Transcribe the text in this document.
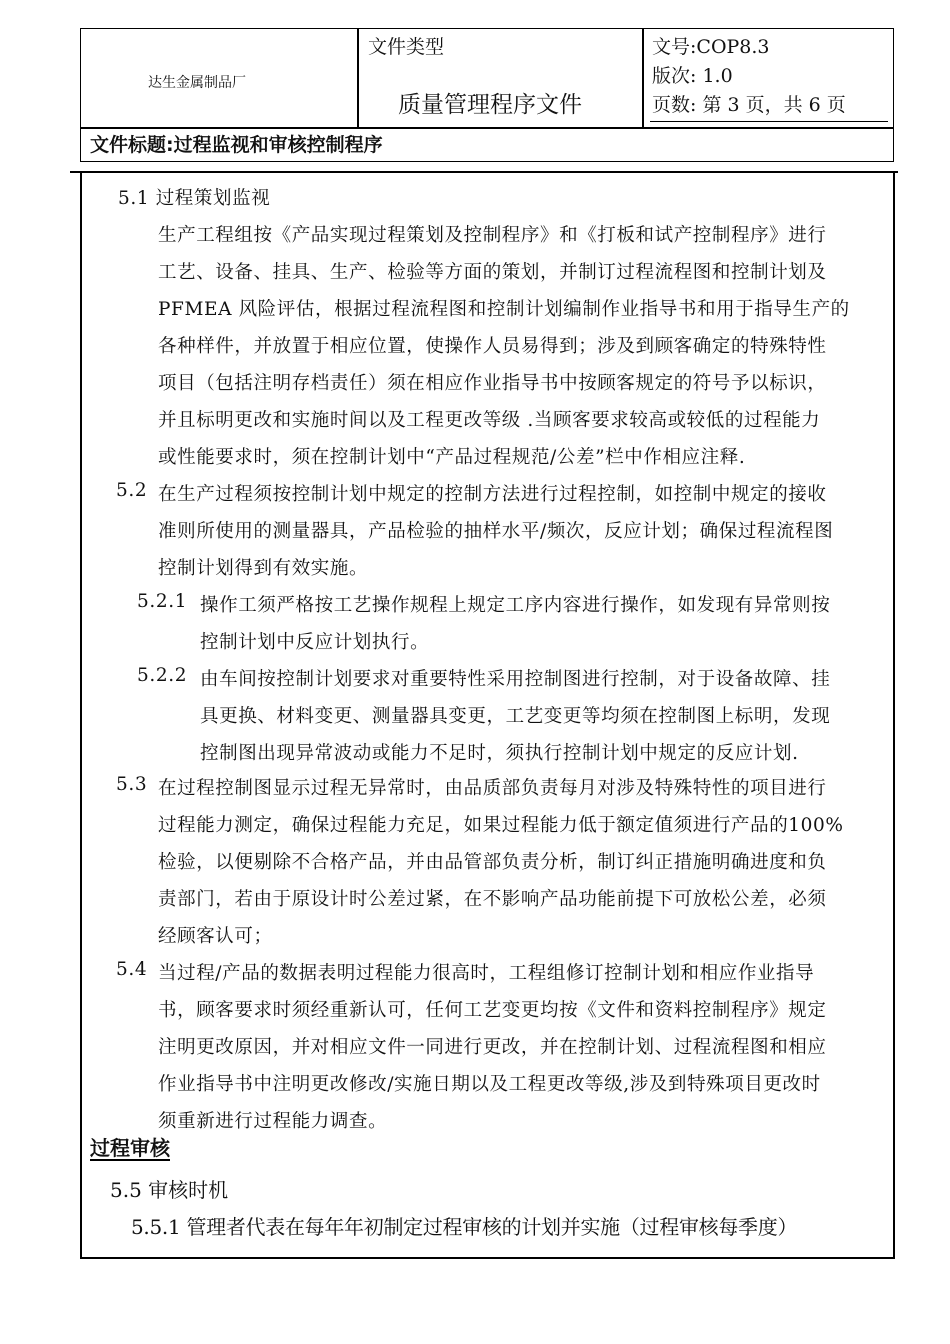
达生金属制品厂
文件类型
质量管理程序文件
文号:COP8.3
版次: 1.0
页数: 第 3 页，共 6 页
文件标题:过程监视和审核控制程序
5.1 过程策划监视
生产工程组按《产品实现过程策划及控制程序》和《打板和试产控制程序》进行
工艺、设备、挂具、生产、检验等方面的策划，并制订过程流程图和控制计划及
PFMEA 风险评估，根据过程流程图和控制计划编制作业指导书和用于指导生产的
各种样件，并放置于相应位置，使操作人员易得到；涉及到顾客确定的特殊特性
项目（包括注明存档责任）须在相应作业指导书中按顾客规定的符号予以标识，
并且标明更改和实施时间以及工程更改等级 .当顾客要求较高或较低的过程能力
或性能要求时，须在控制计划中“产品过程规范/公差”栏中作相应注释.
5.2 在生产过程须按控制计划中规定的控制方法进行过程控制，如控制中规定的接收
准则所使用的测量器具，产品检验的抽样水平/频次，反应计划；确保过程流程图
控制计划得到有效实施。
5.2.1 操作工须严格按工艺操作规程上规定工序内容进行操作，如发现有异常则按
控制计划中反应计划执行。
5.2.2 由车间按控制计划要求对重要特性采用控制图进行控制，对于设备故障、挂
具更换、材料变更、测量器具变更，工艺变更等均须在控制图上标明，发现
控制图出现异常波动或能力不足时，须执行控制计划中规定的反应计划.
5.3 在过程控制图显示过程无异常时，由品质部负责每月对涉及特殊特性的项目进行
过程能力测定，确保过程能力充足，如果过程能力低于额定值须进行产品的100%
检验，以便剔除不合格产品，并由品管部负责分析，制订纠正措施明确进度和负
责部门，若由于原设计时公差过紧，在不影响产品功能前提下可放松公差，必须
经顾客认可；
5.4 当过程/产品的数据表明过程能力很高时，工程组修订控制计划和相应作业指导
书，顾客要求时须经重新认可，任何工艺变更均按《文件和资料控制程序》规定
注明更改原因，并对相应文件一同进行更改，并在控制计划、过程流程图和相应
作业指导书中注明更改修改/实施日期以及工程更改等级,涉及到特殊项目更改时
须重新进行过程能力调查。
过程审核
5.5 审核时机
5.5.1 管理者代表在每年年初制定过程审核的计划并实施（过程审核每季度）
